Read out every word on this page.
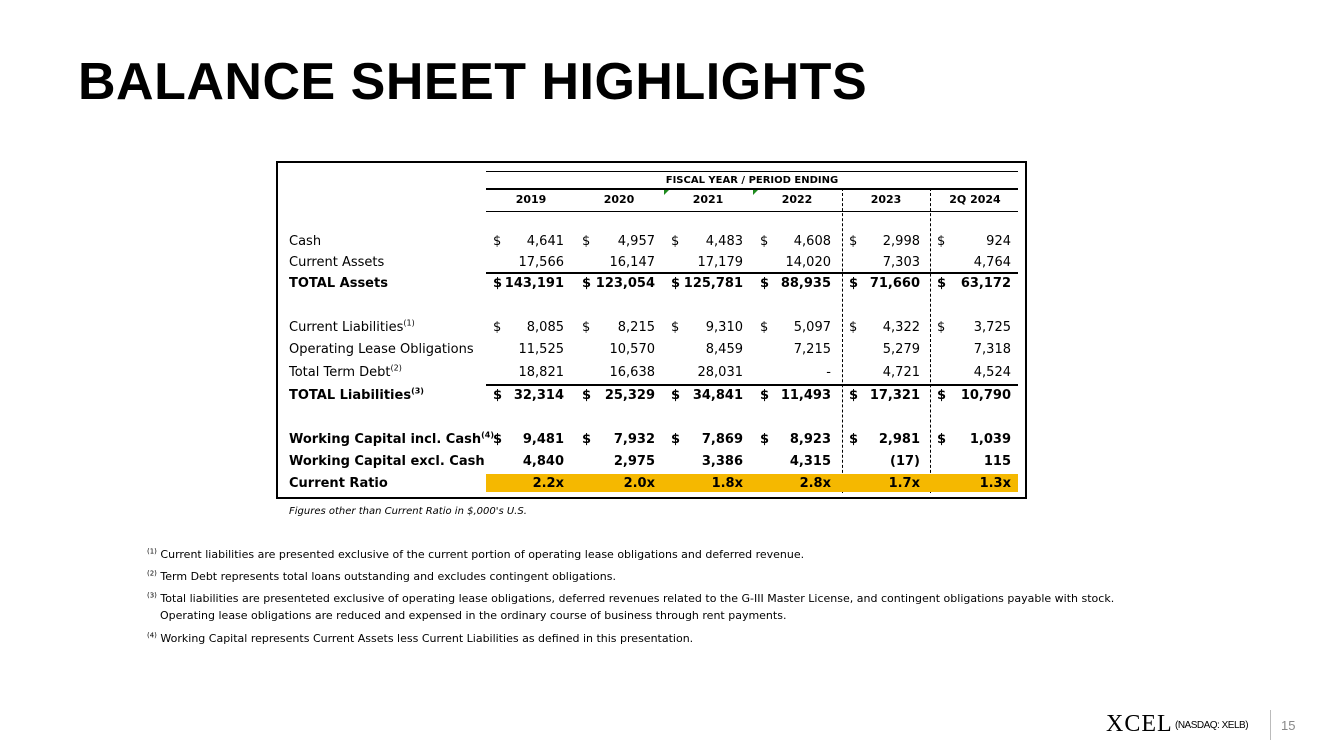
BALANCE SHEET HIGHLIGHTS
FISCAL YEAR / PERIOD ENDING
2019	2020	2021	2022	2023	2Q 2024
Cash	$	4,641 $	4,957 $	4,483 $	4,608 $	2,998 $	924
Current Assets	17,566	16,147	17,179	14,020	7,303	4,764
TOTAL Assets	$ 143,191 $ 123,054 $ 125,781 $ 88,935 $ 71,660 $	63,172
Current Liabilities$^{(1)}$	$	8,085 $	8,215 $	9,310 $	5,097 $	4,322 $	3,725
Operating Lease Obligations	11,525	10,570	8,459	7,215	5,279	7,318
Total Term Debt$^{(2)}$	18,821	16,638	28,031	-	4,721	4,524
TOTAL Liabilities$^{(3)}$	$ 32,314 $	25,329 $ 34,841 $ 11,493 $ 17,321 $	10,790
Working Capital incl. Cash$^{(4)}$ $	9,481 $	7,932 $	7,869 $	8,923 $	2,981 $	1,039
Working Capital excl. Cash	4,840	2,975	3,386	4,315	(17)	115
Current Ratio	2.2x	2.0x	1.8x	2.8x	1.7x	1.3x
Figures other than Current Ratio in $,000's U.S.
$^{(1)}$ Current liabilities are presented exclusive of the current portion of operating lease obligations and deferred revenue.
$^{(2)}$ Term Debt represents total loans outstanding and excludes contingent obligations.
$^{(3)}$ Total liabilities are presenteted exclusive of operating lease obligations, deferred revenues related to the G-III Master License, and contingent obligations payable with stock.
Operating lease obligations are reduced and expensed in the ordinary course of business through rent payments.
$^{(4)}$ Working Capital represents Current Assets less Current Liabilities as defined in this presentation.
XCEL (NASDAQ: XELB)	15
